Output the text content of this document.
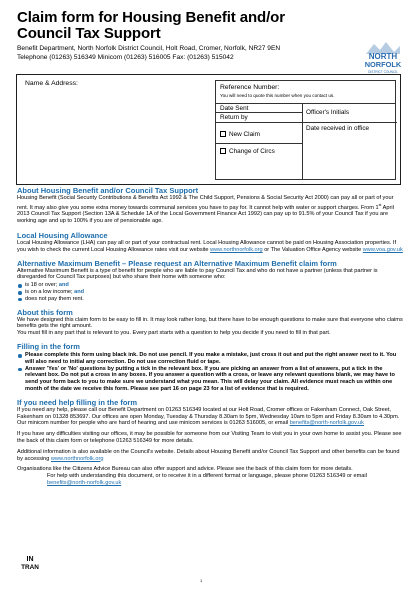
Claim form for Housing Benefit and/or
Council Tax Support
Benefit Department, North Norfolk District Council, Holt Road, Cromer, Norfolk, NR27 9EN
Telephone (01263) 516349 Minicom (01263) 516005 Fax: (01263) 515042	NORTH
NORFOLK
DISTRICT COUNCIL
Name & Address:
Reference Number:
You will need to quote this number when you contact us.
Date Sent
Return by
Officer's Initials
Date received in office
New Claim
Change of Circs
About Housing Benefit and/or Council Tax Support

Housing Benefit (Social Security Contributions & Benefits Act 1992 & The Child Support, Pensions & Social Security Act 2000) can pay all or part of your rent. It may also give you some extra money towards communal services you have to pay for. It cannot help with water or support charges. From 1st April 2013 Council Tax Support (Section 13A & Schedule 1A of the Local Government Finance Act 1992) can pay up to 91.5% of your Council Tax if you are working age and up to 100% if you are of pensionable age.

Local Housing Allowance

Local Housing Allowance (LHA) can pay all or part of your contractual rent. Local Housing Allowance cannot be paid on Housing Association properties. If you wish to check the current Local Housing Allowance rates visit our website www.northnorfolk.org or The Valuation Office Agency website www.voa.gov.uk

Alternative Maximum Benefit – Please request an Alternative Maximum Benefit claim form

Alternative Maximum Benefit is a type of benefit for people who are liable to pay Council Tax and who do not have a partner (unless that partner is disregarded for Council Tax purposes) but who share their home with someone who:

is 18 or over; and
is on a low income; and
does not pay them rent.
About this form

We have designed this claim form to be easy to fill in. It may look rather long, but there have to be enough questions to make sure that everyone who claims benefits gets the right amount.

You must fill in any part that is relevant to you. Every part starts with a question to help you decide if you need to fill in that part.

Filling in the form
Please complete this form using black ink. Do not use pencil. If you make a mistake, just cross it out and put the right answer next to it. You will also need to initial any correction. Do not use correction fluid or tape.
Answer 'Yes' or 'No' questions by putting a tick in the relevant box. If you are picking an answer from a list of answers, put a tick in the relevant box. Do not put a cross in any boxes. If you answer a question with a cross, or leave any relevant questions blank, we may have to send your form back to you to make sure we understand what you mean. This will delay your claim. All evidence must reach us within one month of the date we receive this form. Please see part 16 on page 23 for a list of evidence that is required.
If you need help filling in the form

If you need any help, please call our Benefit Department on 01263 516349 located at our Holt Road, Cromer offices or Fakenham Connect, Oak Street, Fakenham on 01328 853697. Our offices are open Monday, Tuesday & Thursday 8.30am to 5pm, Wednesday 10am to 5pm and Friday 8.30am to 4.30pm. Our minicom number for people who are hard of hearing and use minicom services is 01263 516005, or email benefits@north-norfolk.gov.uk

If you have any difficulties visiting our offices, it may be possible for someone from our Visiting Team to visit you in your own home to assist you. Please see the back of this claim form or telephone 01263 516349 for more details.

Additional information is also available on the Council's website. Details about Housing Benefit and/or Council Tax Support and other benefits can be found by accessing www.northnorfolk.org

Organisations like the Citizens Advice Bureau can also offer support and advice. Please see the back of this claim form for more details.

For help with understanding this document, or to receive it in a different format or language, please phone 01263 516349 or email benefits@north-norfolk.gov.uk

IN
TRAN
1
